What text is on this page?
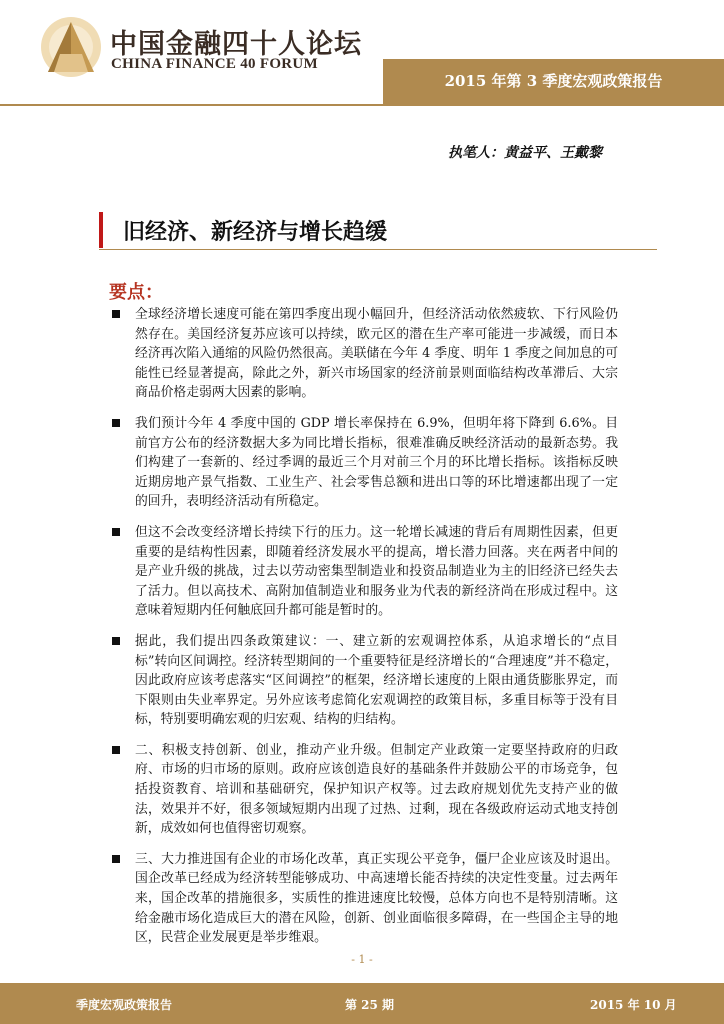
中国金融四十人论坛
CHINA FINANCE 40 FORUM
2015 年第 3 季度宏观政策报告
执笔人：黄益平、王戴黎
旧经济、新经济与增长趋缓
要点：
全球经济增长速度可能在第四季度出现小幅回升，但经济活动依然疲软、下行风险仍然存在。美国经济复苏应该可以持续，欧元区的潜在生产率可能进一步减缓，而日本经济再次陷入通缩的风险仍然很高。美联储在今年 4 季度、明年 1 季度之间加息的可能性已经显著提高，除此之外，新兴市场国家的经济前景则面临结构改革滞后、大宗商品价格走弱两大因素的影响。
我们预计今年 4 季度中国的 GDP 增长率保持在 6.9%，但明年将下降到 6.6%。目前官方公布的经济数据大多为同比增长指标，很难准确反映经济活动的最新态势。我们构建了一套新的、经过季调的最近三个月对前三个月的环比增长指标。该指标反映近期房地产景气指数、工业生产、社会零售总额和进出口等的环比增速都出现了一定的回升，表明经济活动有所稳定。
但这不会改变经济增长持续下行的压力。这一轮增长减速的背后有周期性因素，但更重要的是结构性因素，即随着经济发展水平的提高，增长潜力回落。夹在两者中间的是产业升级的挑战，过去以劳动密集型制造业和投资品制造业为主的旧经济已经失去了活力。但以高技术、高附加值制造业和服务业为代表的新经济尚在形成过程中。这意味着短期内任何触底回升都可能是暂时的。
据此，我们提出四条政策建议：一、建立新的宏观调控体系，从追求增长的“点目标”转向区间调控。经济转型期间的一个重要特征是经济增长的“合理速度”并不稳定，因此政府应该考虑落实“区间调控”的框架，经济增长速度的上限由通货膨胀界定，而下限则由失业率界定。另外应该考虑简化宏观调控的政策目标，多重目标等于没有目标，特别要明确宏观的归宏观、结构的归结构。
二、积极支持创新、创业，推动产业升级。但制定产业政策一定要坚持政府的归政府、市场的归市场的原则。政府应该创造良好的基础条件并鼓励公平的市场竞争，包括投资教育、培训和基础研究，保护知识产权等。过去政府规划优先支持产业的做法，效果并不好，很多领域短期内出现了过热、过剩，现在各级政府运动式地支持创新，成效如何也值得密切观察。
三、大力推进国有企业的市场化改革，真正实现公平竞争，僵尸企业应该及时退出。国企改革已经成为经济转型能够成功、中高速增长能否持续的决定性变量。过去两年来，国企改革的措施很多，实质性的推进速度比较慢，总体方向也不是特别清晰。这给金融市场化造成巨大的潜在风险，创新、创业面临很多障碍，在一些国企主导的地区，民营企业发展更是举步维艰。
- 1 -
季度宏观政策报告	第 25 期	2015 年 10 月
